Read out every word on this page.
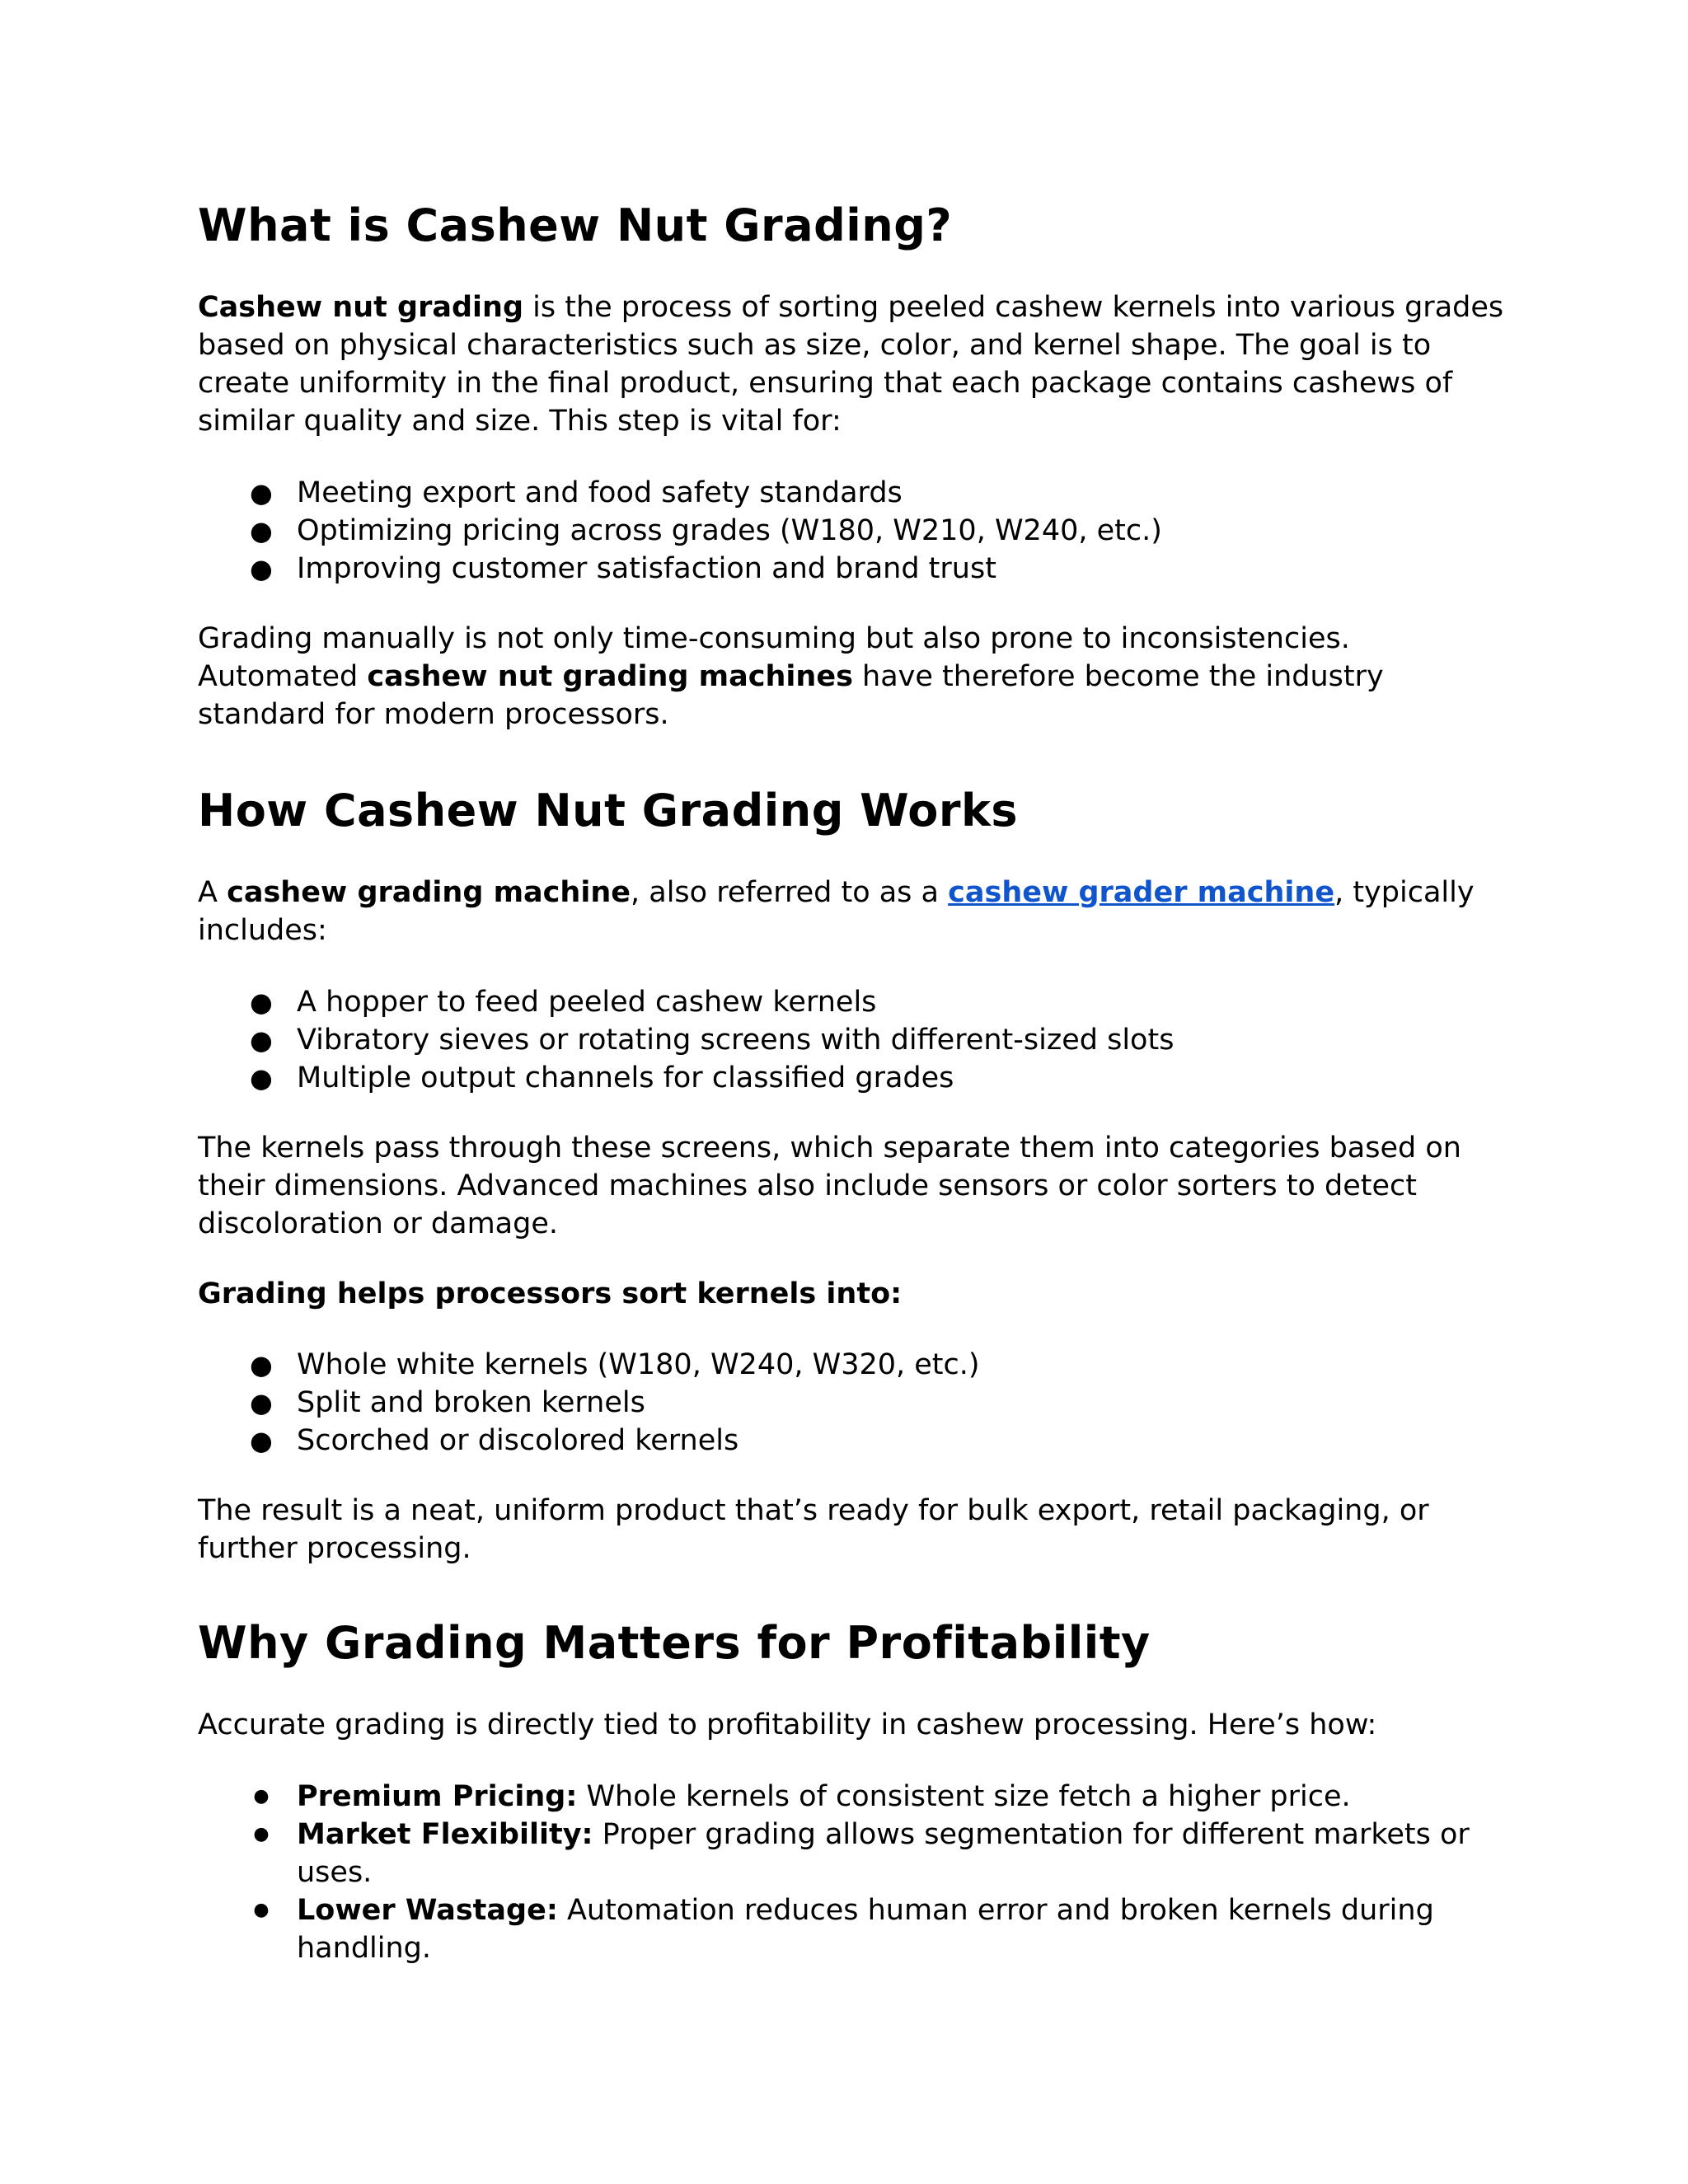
What is Cashew Nut Grading?

Cashew nut grading is the process of sorting peeled cashew kernels into various grades based on physical characteristics such as size, color, and kernel shape. The goal is to create uniformity in the final product, ensuring that each package contains cashews of similar quality and size. This step is vital for:

● Meeting export and food safety standards
● Optimizing pricing across grades (W180, W210, W240, etc.)
● Improving customer satisfaction and brand trust

Grading manually is not only time-consuming but also prone to inconsistencies. Automated cashew nut grading machines have therefore become the industry standard for modern processors.

How Cashew Nut Grading Works

A cashew grading machine, also referred to as a cashew grader machine, typically includes:

● A hopper to feed peeled cashew kernels
● Vibratory sieves or rotating screens with different-sized slots
● Multiple output channels for classified grades

The kernels pass through these screens, which separate them into categories based on their dimensions. Advanced machines also include sensors or color sorters to detect discoloration or damage.

Grading helps processors sort kernels into:

● Whole white kernels (W180, W240, W320, etc.)
● Split and broken kernels
● Scorched or discolored kernels

The result is a neat, uniform product that’s ready for bulk export, retail packaging, or further processing.

Why Grading Matters for Profitability

Accurate grading is directly tied to profitability in cashew processing. Here’s how:

● Premium Pricing: Whole kernels of consistent size fetch a higher price.
● Market Flexibility: Proper grading allows segmentation for different markets or uses.
● Lower Wastage: Automation reduces human error and broken kernels during handling.
